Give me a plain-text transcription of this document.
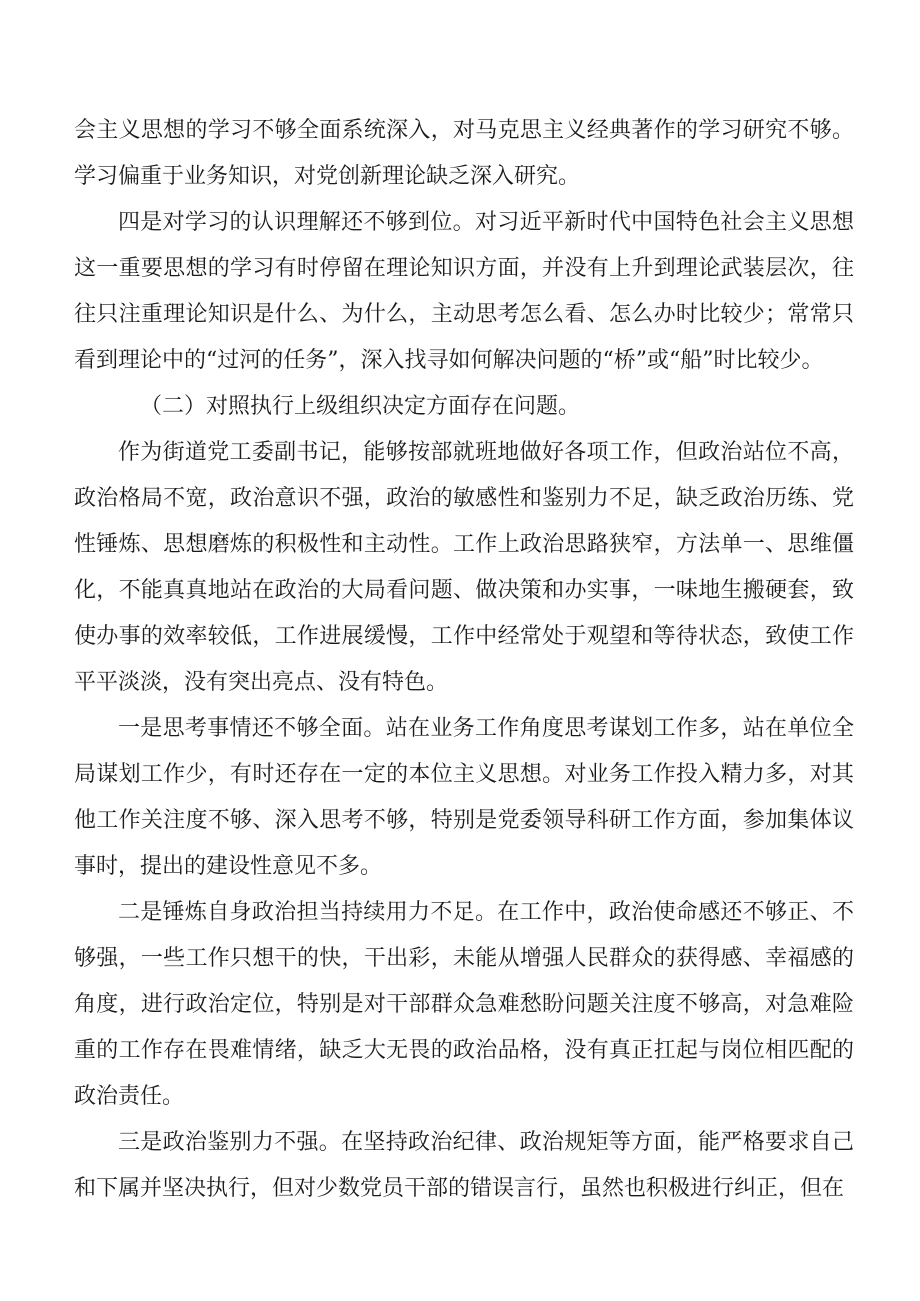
会主义思想的学习不够全面系统深入，对马克思主义经典著作的学习研究不够。学习偏重于业务知识，对党创新理论缺乏深入研究。

四是对学习的认识理解还不够到位。对习近平新时代中国特色社会主义思想这一重要思想的学习有时停留在理论知识方面，并没有上升到理论武装层次，往往只注重理论知识是什么、为什么，主动思考怎么看、怎么办时比较少；常常只看到理论中的“过河的任务”，深入找寻如何解决问题的“桥”或“船”时比较少。

（二）对照执行上级组织决定方面存在问题。

作为街道党工委副书记，能够按部就班地做好各项工作，但政治站位不高，政治格局不宽，政治意识不强，政治的敏感性和鉴别力不足，缺乏政治历练、党性锤炼、思想磨炼的积极性和主动性。工作上政治思路狭窄，方法单一、思维僵化，不能真真地站在政治的大局看问题、做决策和办实事，一味地生搬硬套，致使办事的效率较低，工作进展缓慢，工作中经常处于观望和等待状态，致使工作平平淡淡，没有突出亮点、没有特色。

一是思考事情还不够全面。站在业务工作角度思考谋划工作多，站在单位全局谋划工作少，有时还存在一定的本位主义思想。对业务工作投入精力多，对其他工作关注度不够、深入思考不够，特别是党委领导科研工作方面，参加集体议事时，提出的建设性意见不多。

二是锤炼自身政治担当持续用力不足。在工作中，政治使命感还不够正、不够强，一些工作只想干的快，干出彩，未能从增强人民群众的获得感、幸福感的角度，进行政治定位，特别是对干部群众急难愁盼问题关注度不够高，对急难险重的工作存在畏难情绪，缺乏大无畏的政治品格，没有真正扛起与岗位相匹配的政治责任。

三是政治鉴别力不强。在坚持政治纪律、政治规矩等方面，能严格要求自己和下属并坚决执行，但对少数党员干部的错误言行，虽然也积极进行纠正，但在
